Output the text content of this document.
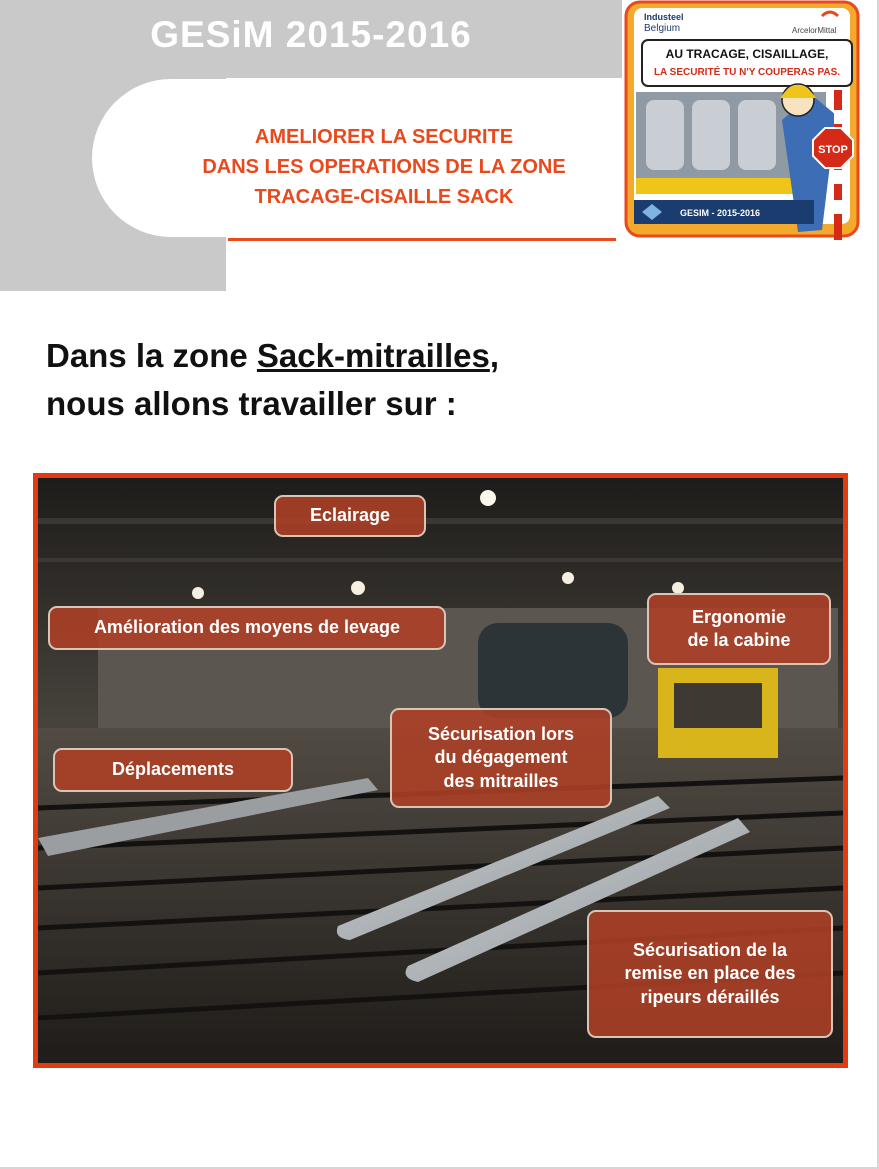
GESiM 2015-2016
AMELIORER LA SECURITE
DANS LES OPERATIONS DE LA ZONE
TRACAGE-CISAILLE SACK
Industeel
Belgium	ArcelorMittal
AU TRACAGE, CISAILLAGE,
LA SECURITÉ TU N'Y COUPERAS PAS.
STOP
GESIM - 2015-2016
Dans la zone Sack-mitrailles,
nous allons travailler sur :
Eclairage
Amélioration des moyens de levage
Ergonomie
de la cabine
Déplacements
Sécurisation lors
du dégagement
des mitrailles
Sécurisation de la
remise en place des
ripeurs déraillés
